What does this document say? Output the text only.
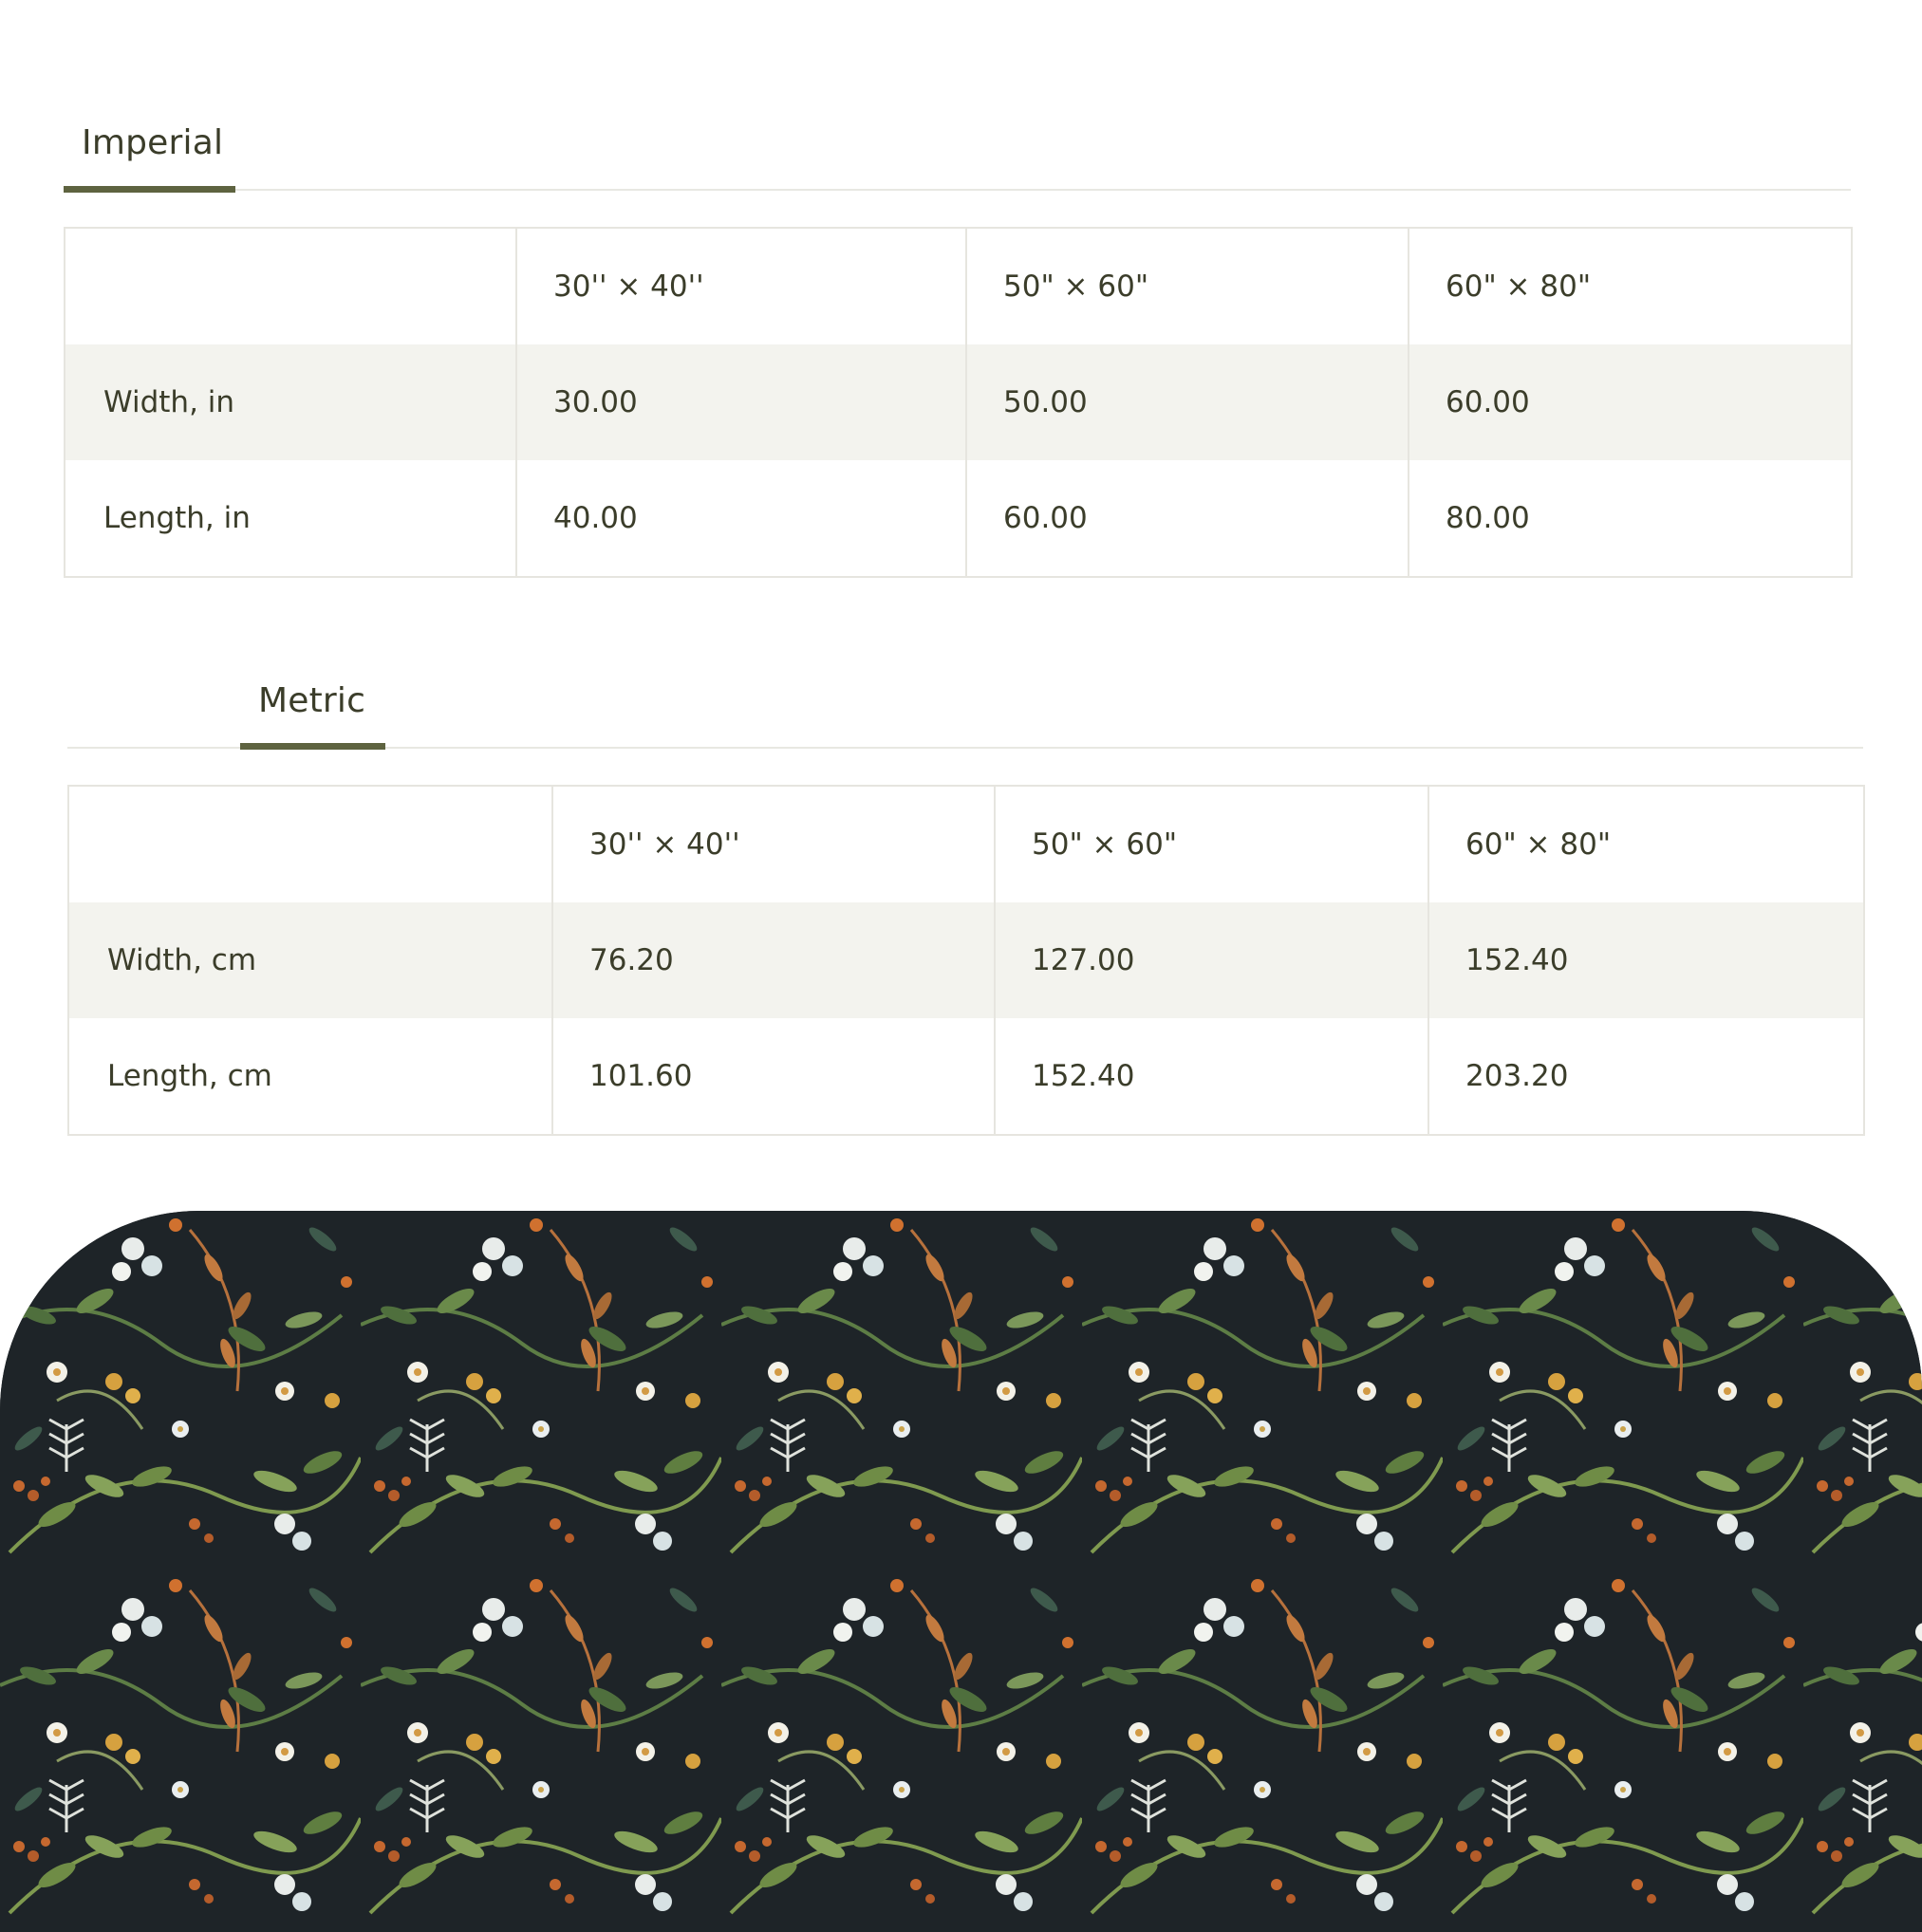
Imperial
	30'' × 40''	50" × 60"	60" × 80"
Width, in	30.00	50.00	60.00
Length, in	40.00	60.00	80.00
Metric
	30'' × 40''	50" × 60"	60" × 80"
Width, cm	76.20	127.00	152.40
Length, cm	101.60	152.40	203.20
